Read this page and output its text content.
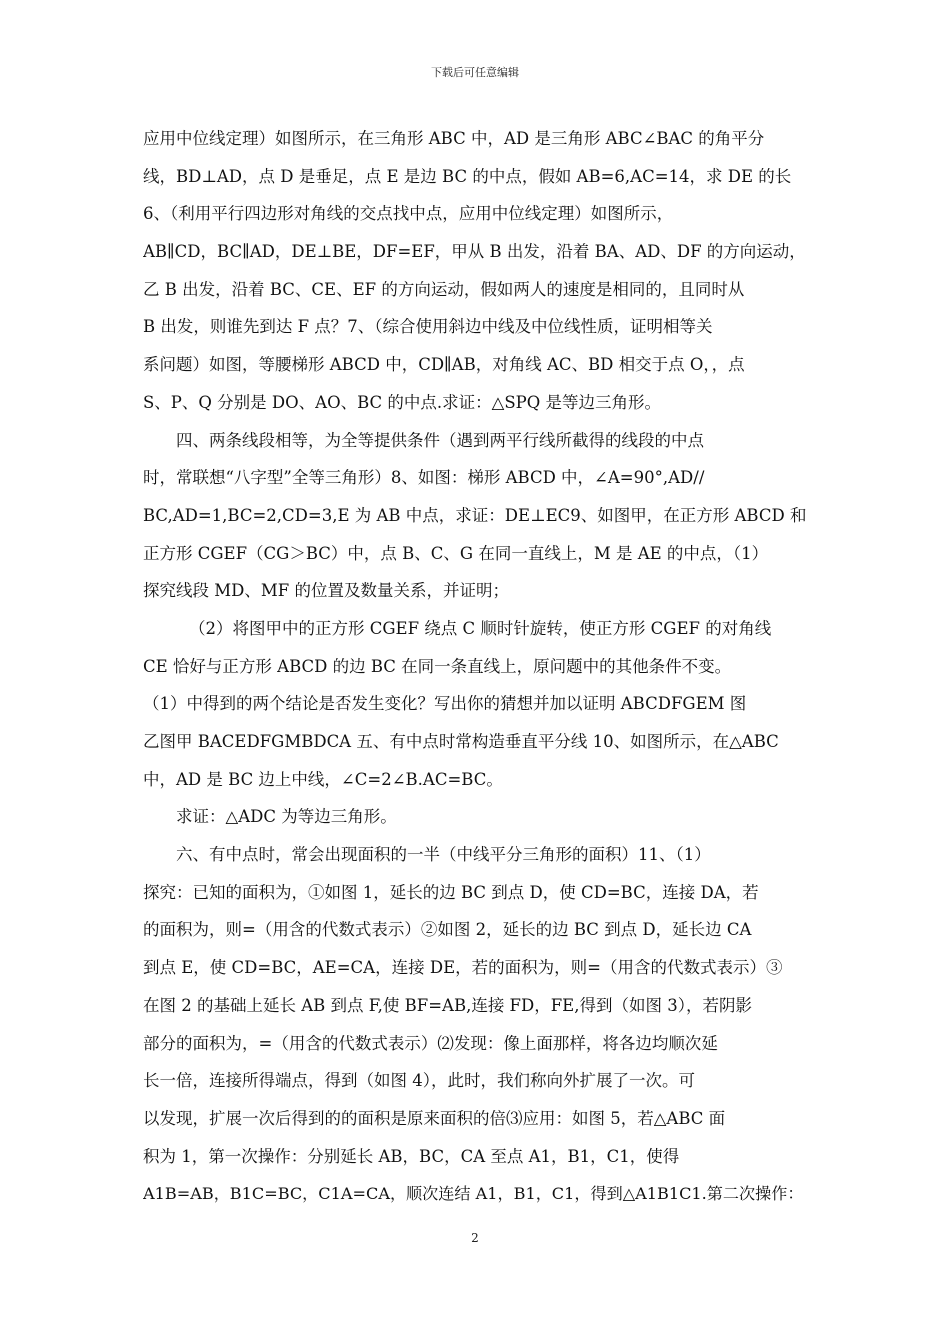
下载后可任意编辑

应用中位线定理）如图所示，在三角形 ABC 中，AD 是三角形 ABC∠BAC 的角平分
线，BD⊥AD，点 D 是垂足，点 E 是边 BC 的中点，假如 AB=6,AC=14，求 DE 的长
6、（利用平行四边形对角线的交点找中点，应用中位线定理）如图所示，
AB∥CD，BC∥AD，DE⊥BE，DF=EF，甲从 B 出发，沿着 BA、AD、DF 的方向运动，
乙 B 出发，沿着 BC、CE、EF 的方向运动，假如两人的速度是相同的，且同时从
B 出发，则谁先到达 F 点？7、（综合使用斜边中线及中位线性质，证明相等关
系问题）如图，等腰梯形 ABCD 中，CD∥AB，对角线 AC、BD 相交于点 O，，点
S、P、Q 分别是 DO、AO、BC 的中点.求证：△SPQ 是等边三角形。

四、两条线段相等，为全等提供条件（遇到两平行线所截得的线段的中点
时，常联想“八字型”全等三角形）8、如图：梯形 ABCD 中，∠A=90°,AD//
BC,AD=1,BC=2,CD=3,E 为 AB 中点，求证：DE⊥EC9、如图甲，在正方形 ABCD 和
正方形 CGEF（CG＞BC）中，点 B、C、G 在同一直线上，M 是 AE 的中点，（1）
探究线段 MD、MF 的位置及数量关系，并证明；

（2）将图甲中的正方形 CGEF 绕点 C 顺时针旋转，使正方形 CGEF 的对角线
CE 恰好与正方形 ABCD 的边 BC 在同一条直线上，原问题中的其他条件不变。
（1）中得到的两个结论是否发生变化？写出你的猜想并加以证明 ABCDFGEM 图
乙图甲 BACEDFGMBDCA 五、有中点时常构造垂直平分线 10、如图所示，在△ABC
中，AD 是 BC 边上中线，∠C=2∠B.AC=BC。

求证：△ADC 为等边三角形。

六、有中点时，常会出现面积的一半（中线平分三角形的面积）11、（1）
探究：已知的面积为，①如图 1，延长的边 BC 到点 D，使 CD=BC，连接 DA，若
的面积为，则=（用含的代数式表示）②如图 2，延长的边 BC 到点 D，延长边 CA
到点 E，使 CD=BC，AE=CA，连接 DE，若的面积为，则=（用含的代数式表示）③
在图 2 的基础上延长 AB 到点 F,使 BF=AB,连接 FD，FE,得到（如图 3），若阴影
部分的面积为，=（用含的代数式表示）⑵发现：像上面那样，将各边均顺次延
长一倍，连接所得端点，得到（如图 4），此时，我们称向外扩展了一次。可
以发现，扩展一次后得到的的面积是原来面积的倍⑶应用：如图 5，若△ABC 面
积为 1，第一次操作：分别延长 AB，BC，CA 至点 A1，B1，C1，使得
A1B=AB，B1C=BC，C1A=CA，顺次连结 A1，B1，C1，得到△A1B1C1.第二次操作：

2
